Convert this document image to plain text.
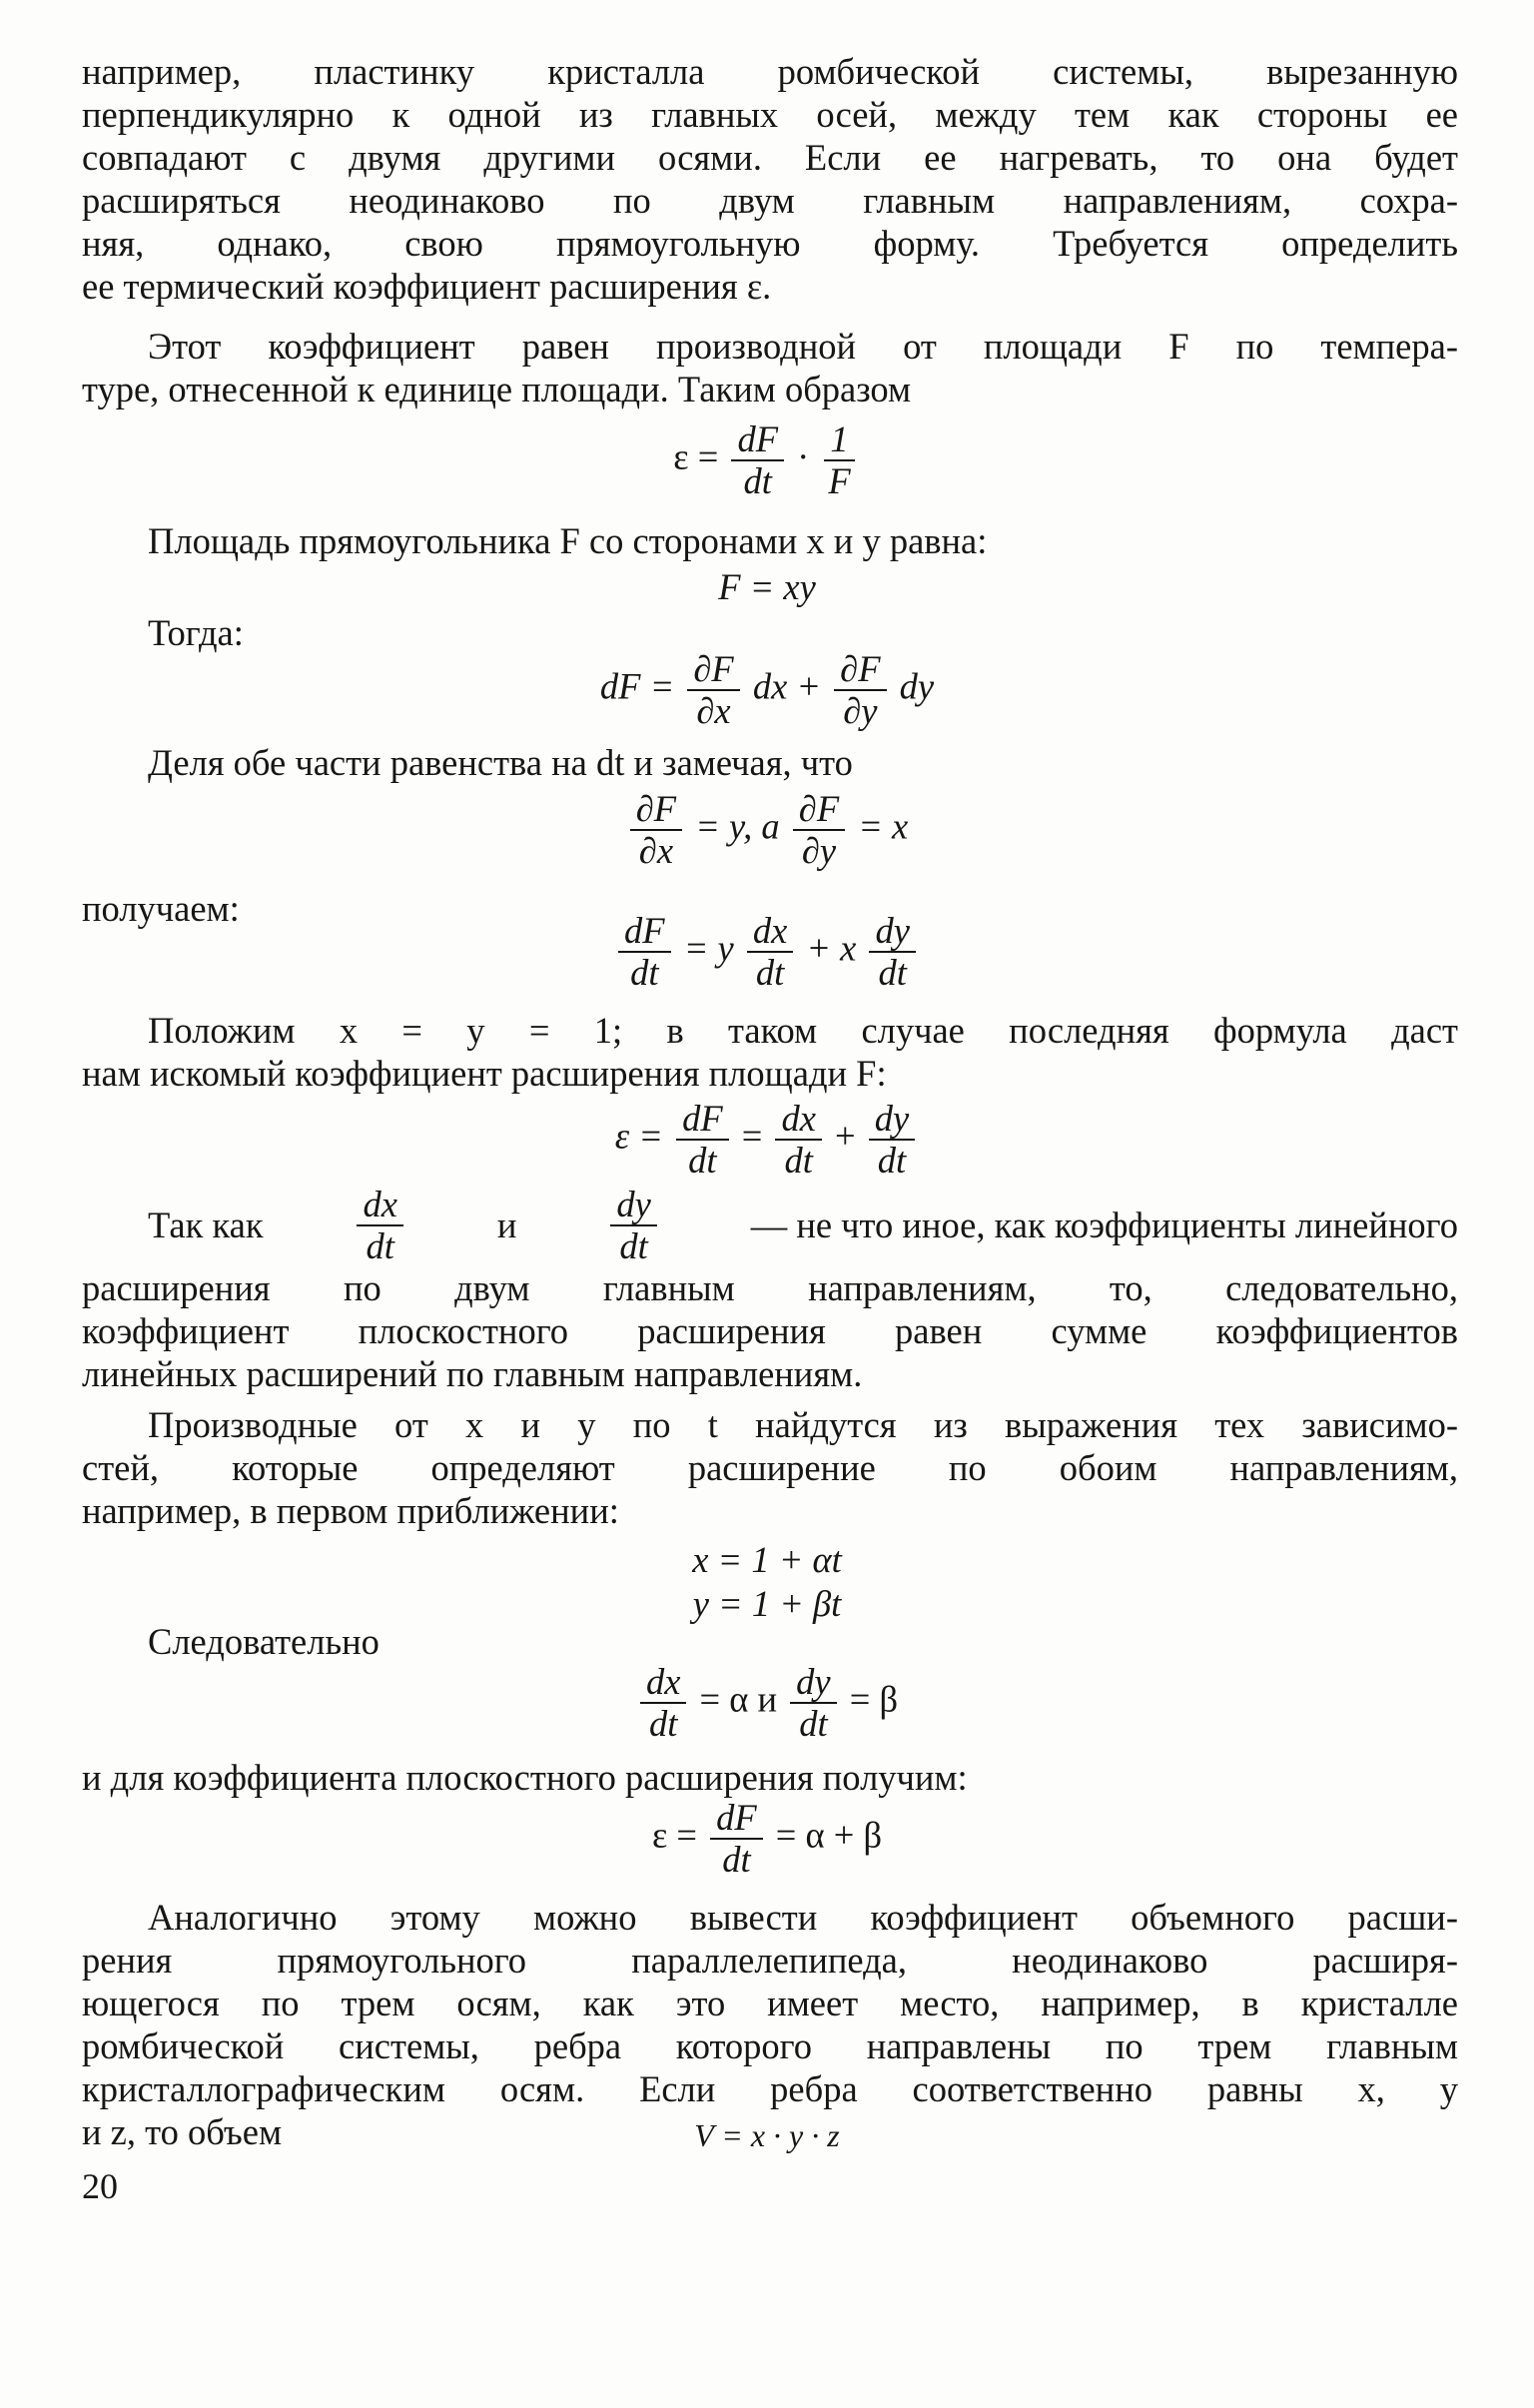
например, пластинку кристалла ромбической системы, вырезанную
перпендикулярно к одной из главных осей, между тем как стороны ее
совпадают с двумя другими осями. Если ее нагревать, то она будет
расширяться неодинаково по двум главным направлениям, сохра-
няя, однако, свою прямоугольную форму. Требуется определить
ее термический коэффициент расширения ε.
Этот коэффициент равен производной от площади F по темпера-
туре, отнесенной к единице площади. Таким образом
$\varepsilon = \frac{dF}{dt} \cdot \frac{1}{F}$
Площадь прямоугольника F со сторонами x и y равна:
F = xy
Тогда:
dF = $\frac{\partial F}{\partial x}$ dx + $\frac{\partial F}{\partial y}$ dy
Деля обе части равенства на dt и замечая, что
$\frac{\partial F}{\partial x} = y$, а $\frac{\partial F}{\partial y} = x$
получаем:
$\frac{dF}{dt} = y \frac{dx}{dt} + x \frac{dy}{dt}$
Положим x = y = 1; в таком случае последняя формула даст
нам искомый коэффициент расширения площади F:
$\varepsilon = \frac{dF}{dt} = \frac{dx}{dt} + \frac{dy}{dt}$
Так как	$\frac{dx}{dt}$	и	$\frac{dy}{dt}$	— не что иное, как коэффициенты линейного
расширения по двум главным направлениям, то, следовательно,
коэффициент плоскостного расширения равен сумме коэффициентов
линейных расширений по главным направлениям.
Производные от x и y по t найдутся из выражения тех зависимо-
стей, которые определяют расширение по обоим направлениям,
например, в первом приближении:
x = 1 + αt
y = 1 + βt
Следовательно
$\frac{dx}{dt} = \alpha$ и $\frac{dy}{dt} = \beta$
и для коэффициента плоскостного расширения получим:
$\varepsilon = \frac{dF}{dt} = \alpha + \beta$
Аналогично этому можно вывести коэффициент объемного расши-
рения прямоугольного параллелепипеда, неодинаково расширя-
ющегося по трем осям, как это имеет место, например, в кристалле
ромбической системы, ребра которого направлены по трем главным
кристаллографическим осям. Если ребра соответственно равны x, y
и z, то объем	V = x · y · z
20
